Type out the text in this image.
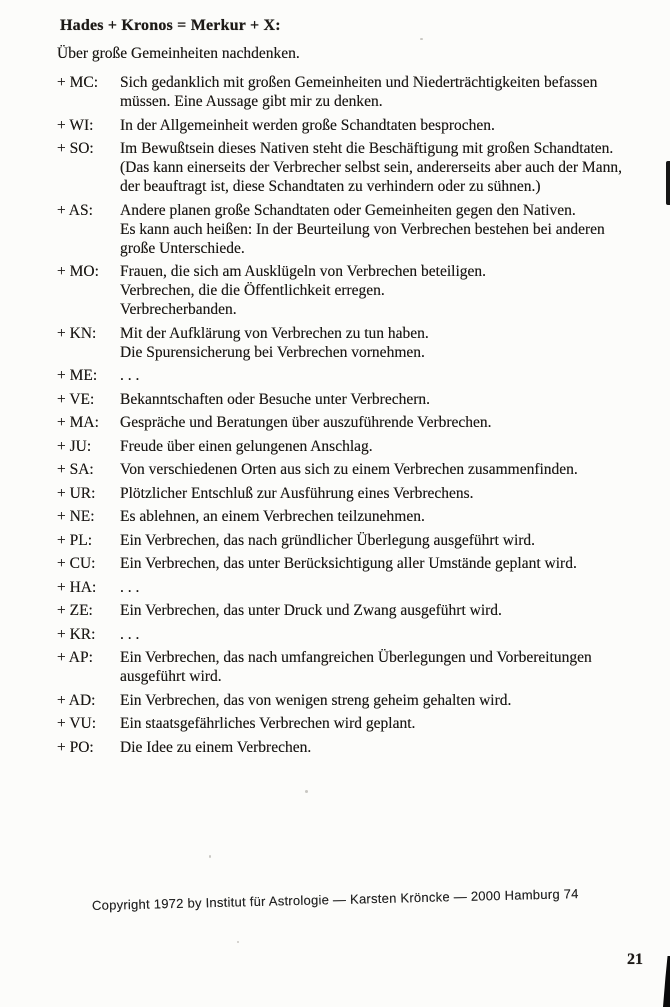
Hades + Kronos = Merkur + X:
Über große Gemeinheiten nachdenken.
+ MC:	Sich gedanklich mit großen Gemeinheiten und Niederträchtigkeiten befassen
müssen. Eine Aussage gibt mir zu denken.
+ WI:	In der Allgemeinheit werden große Schandtaten besprochen.
+ SO:	Im Bewußtsein dieses Nativen steht die Beschäftigung mit großen Schandtaten.
(Das kann einerseits der Verbrecher selbst sein, andererseits aber auch der Mann,
der beauftragt ist, diese Schandtaten zu verhindern oder zu sühnen.)
+ AS:	Andere planen große Schandtaten oder Gemeinheiten gegen den Nativen.
Es kann auch heißen: In der Beurteilung von Verbrechen bestehen bei anderen
große Unterschiede.
+ MO:	Frauen, die sich am Ausklügeln von Verbrechen beteiligen.
Verbrechen, die die Öffentlichkeit erregen.
Verbrecherbanden.
+ KN:	Mit der Aufklärung von Verbrechen zu tun haben.
Die Spurensicherung bei Verbrechen vornehmen.
+ ME:	. . .
+ VE:	Bekanntschaften oder Besuche unter Verbrechern.
+ MA:	Gespräche und Beratungen über auszuführende Verbrechen.
+ JU:	Freude über einen gelungenen Anschlag.
+ SA:	Von verschiedenen Orten aus sich zu einem Verbrechen zusammenfinden.
+ UR:	Plötzlicher Entschluß zur Ausführung eines Verbrechens.
+ NE:	Es ablehnen, an einem Verbrechen teilzunehmen.
+ PL:	Ein Verbrechen, das nach gründlicher Überlegung ausgeführt wird.
+ CU:	Ein Verbrechen, das unter Berücksichtigung aller Umstände geplant wird.
+ HA:	. . .
+ ZE:	Ein Verbrechen, das unter Druck und Zwang ausgeführt wird.
+ KR:	. . .
+ AP:	Ein Verbrechen, das nach umfangreichen Überlegungen und Vorbereitungen
ausgeführt wird.
+ AD:	Ein Verbrechen, das von wenigen streng geheim gehalten wird.
+ VU:	Ein staatsgefährliches Verbrechen wird geplant.
+ PO:	Die Idee zu einem Verbrechen.
Copyright 1972 by Institut für Astrologie — Karsten Kröncke — 2000 Hamburg 74
21
